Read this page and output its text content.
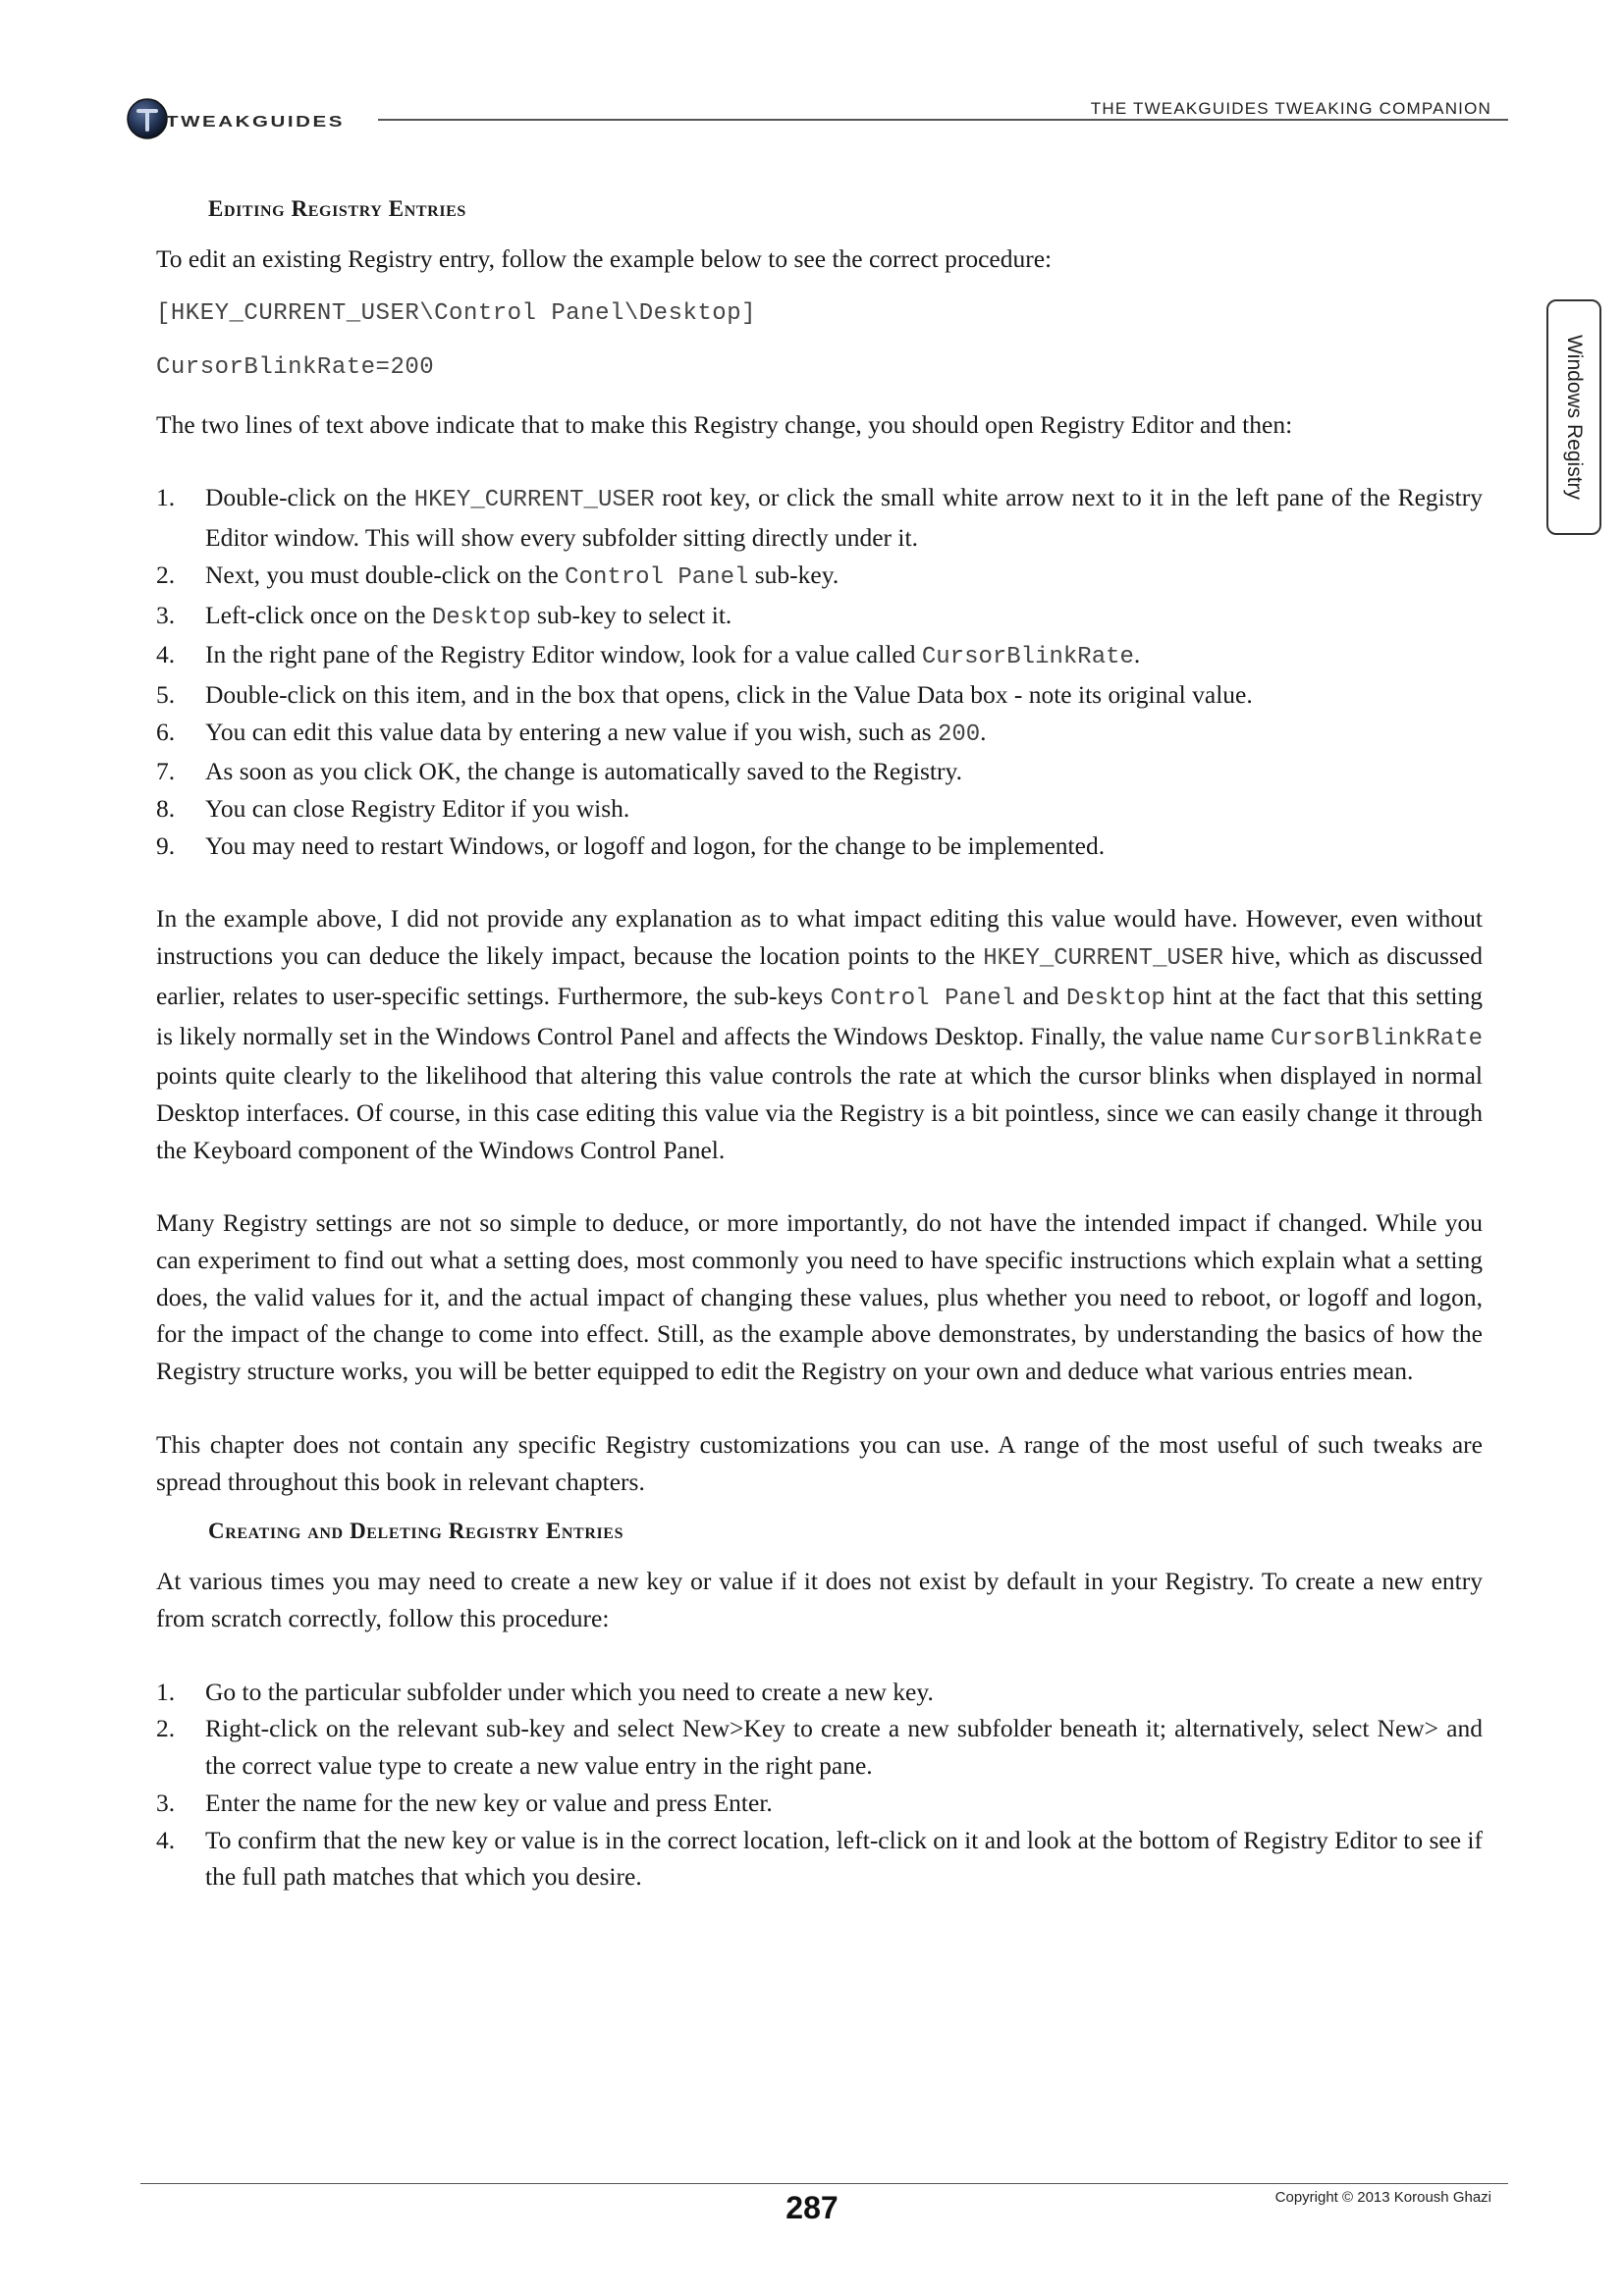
TWEAKGUIDES
THE TWEAKGUIDES TWEAKING COMPANION
Windows Registry
Editing Registry Entries

To edit an existing Registry entry, follow the example below to see the correct procedure:

[HKEY_CURRENT_USER\Control Panel\Desktop]

CursorBlinkRate=200

The two lines of text above indicate that to make this Registry change, you should open Registry Editor and then:

1. Double-click on the HKEY_CURRENT_USER root key, or click the small white arrow next to it in the left pane of the Registry Editor window. This will show every subfolder sitting directly under it.
2. Next, you must double-click on the Control Panel sub-key.
3. Left-click once on the Desktop sub-key to select it.
4. In the right pane of the Registry Editor window, look for a value called CursorBlinkRate.
5. Double-click on this item, and in the box that opens, click in the Value Data box - note its original value.
6. You can edit this value data by entering a new value if you wish, such as 200.
7. As soon as you click OK, the change is automatically saved to the Registry.
8. You can close Registry Editor if you wish.
9. You may need to restart Windows, or logoff and logon, for the change to be implemented.

In the example above, I did not provide any explanation as to what impact editing this value would have. However, even without instructions you can deduce the likely impact, because the location points to the HKEY_CURRENT_USER hive, which as discussed earlier, relates to user-specific settings. Furthermore, the sub-keys Control Panel and Desktop hint at the fact that this setting is likely normally set in the Windows Control Panel and affects the Windows Desktop. Finally, the value name CursorBlinkRate points quite clearly to the likelihood that altering this value controls the rate at which the cursor blinks when displayed in normal Desktop interfaces. Of course, in this case editing this value via the Registry is a bit pointless, since we can easily change it through the Keyboard component of the Windows Control Panel.

Many Registry settings are not so simple to deduce, or more importantly, do not have the intended impact if changed. While you can experiment to find out what a setting does, most commonly you need to have specific instructions which explain what a setting does, the valid values for it, and the actual impact of changing these values, plus whether you need to reboot, or logoff and logon, for the impact of the change to come into effect. Still, as the example above demonstrates, by understanding the basics of how the Registry structure works, you will be better equipped to edit the Registry on your own and deduce what various entries mean.

This chapter does not contain any specific Registry customizations you can use. A range of the most useful of such tweaks are spread throughout this book in relevant chapters.

Creating and Deleting Registry Entries

At various times you may need to create a new key or value if it does not exist by default in your Registry. To create a new entry from scratch correctly, follow this procedure:

1. Go to the particular subfolder under which you need to create a new key.
2. Right-click on the relevant sub-key and select New>Key to create a new subfolder beneath it; alternatively, select New> and the correct value type to create a new value entry in the right pane.
3. Enter the name for the new key or value and press Enter.
4. To confirm that the new key or value is in the correct location, left-click on it and look at the bottom of Registry Editor to see if the full path matches that which you desire.
287	Copyright © 2013 Koroush Ghazi
